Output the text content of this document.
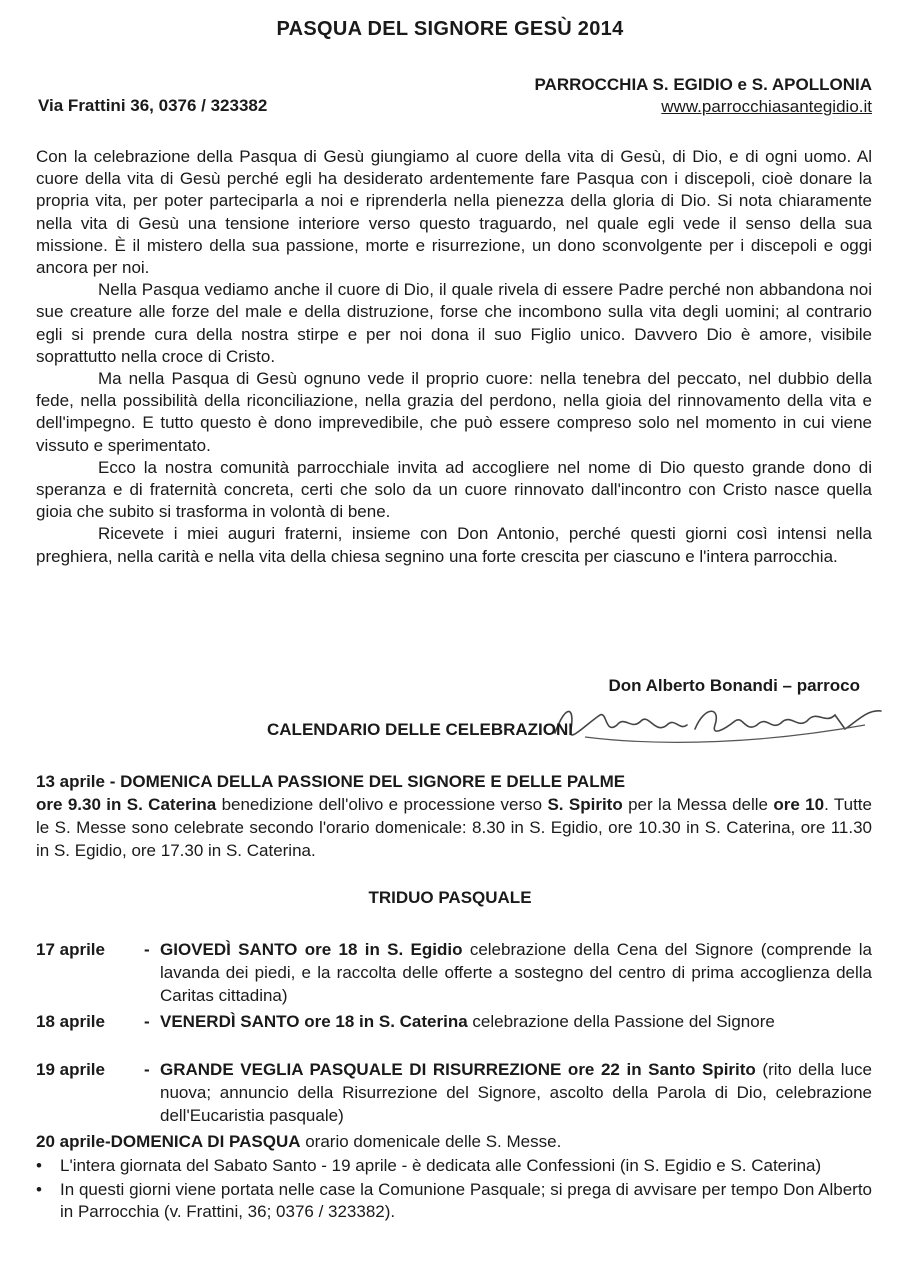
PASQUA DEL SIGNORE GESÙ 2014
PARROCCHIA S. EGIDIO e S. APOLLONIA
www.parrocchiasantegidio.it
Via Frattini 36, 0376 / 323382

Con la celebrazione della Pasqua di Gesù giungiamo al cuore della vita di Gesù, di Dio, e di ogni uomo. Al cuore della vita di Gesù perché egli ha desiderato ardentemente fare Pasqua con i discepoli, cioè donare la propria vita, per poter parteciparla a noi e riprenderla nella pienezza della gloria di Dio. Si nota chiaramente nella vita di Gesù una tensione interiore verso questo traguardo, nel quale egli vede il senso della sua missione. È il mistero della sua passione, morte e risurrezione, un dono sconvolgente per i discepoli e oggi ancora per noi.

Nella Pasqua vediamo anche il cuore di Dio, il quale rivela di essere Padre perché non abbandona noi sue creature alle forze del male e della distruzione, forse che incombono sulla vita degli uomini; al contrario egli si prende cura della nostra stirpe e per noi dona il suo Figlio unico. Davvero Dio è amore, visibile soprattutto nella croce di Cristo.

Ma nella Pasqua di Gesù ognuno vede il proprio cuore: nella tenebra del peccato, nel dubbio della fede, nella possibilità della riconciliazione, nella grazia del perdono, nella gioia del rinnovamento della vita e dell'impegno. E tutto questo è dono imprevedibile, che può essere compreso solo nel momento in cui viene vissuto e sperimentato.

Ecco la nostra comunità parrocchiale invita ad accogliere nel nome di Dio questo grande dono di speranza e di fraternità concreta, certi che solo da un cuore rinnovato dall'incontro con Cristo nasce quella gioia che subito si trasforma in volontà di bene.

Ricevete i miei auguri fraterni, insieme con Don Antonio, perché questi giorni così intensi nella preghiera, nella carità e nella vita della chiesa segnino una forte crescita per ciascuno e l'intera parrocchia.

Don Alberto Bonandi – parroco
CALENDARIO DELLE CELEBRAZIONI

13 aprile - DOMENICA DELLA PASSIONE DEL SIGNORE E DELLE PALME

ore 9.30 in S. Caterina benedizione dell'olivo e processione verso S. Spirito per la Messa delle ore 10. Tutte le S. Messe sono celebrate secondo l'orario domenicale: 8.30 in S. Egidio, ore 10.30 in S. Caterina, ore 11.30 in S. Egidio, ore 17.30 in S. Caterina.

TRIDUO PASQUALE
17 aprile	- GIOVEDÌ SANTO ore 18 in S. Egidio celebrazione della Cena del Signore (comprende la lavanda dei piedi, e la raccolta delle offerte a sostegno del centro di prima accoglienza della Caritas cittadina)
18 aprile	- VENERDÌ SANTO ore 18 in S. Caterina celebrazione della Passione del Signore
19 aprile	- GRANDE VEGLIA PASQUALE DI RISURREZIONE ore 22 in Santo Spirito (rito della luce nuova; annuncio della Risurrezione del Signore, ascolto della Parola di Dio, celebrazione dell'Eucaristia pasquale)
20 aprile- DOMENICA DI PASQUA orario domenicale delle S. Messe.
• L'intera giornata del Sabato Santo - 19 aprile - è dedicata alle Confessioni (in S. Egidio e S. Caterina)
• In questi giorni viene portata nelle case la Comunione Pasquale; si prega di avvisare per tempo Don Alberto in Parrocchia (v. Frattini, 36; 0376 / 323382).
